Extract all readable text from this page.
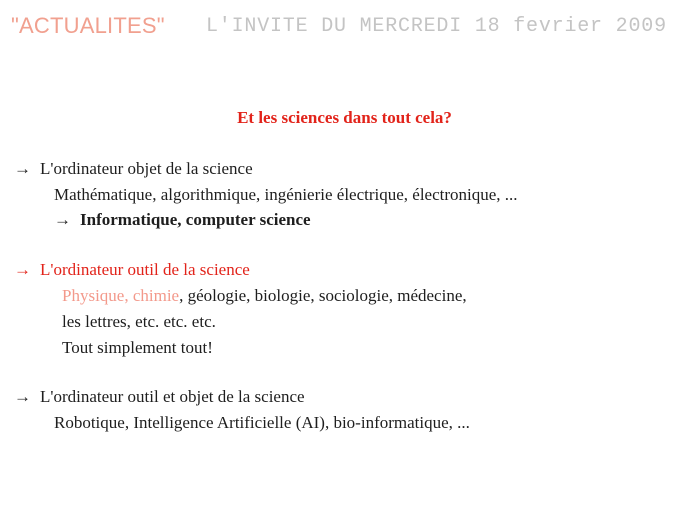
"ACTUALITES" L'INVITE DU MERCREDI 18 fevrier 2009
Et les sciences dans tout cela?
→ L'ordinateur objet de la science
Mathématique, algorithmique, ingénierie électrique, électronique, ...
→ Informatique, computer science
→ L'ordinateur outil de la science
Physique, chimie, géologie, biologie, sociologie, médecine,
les lettres, etc. etc. etc.
Tout simplement tout!
→ L'ordinateur outil et objet de la science
Robotique, Intelligence Artificielle (AI), bio-informatique, ...
